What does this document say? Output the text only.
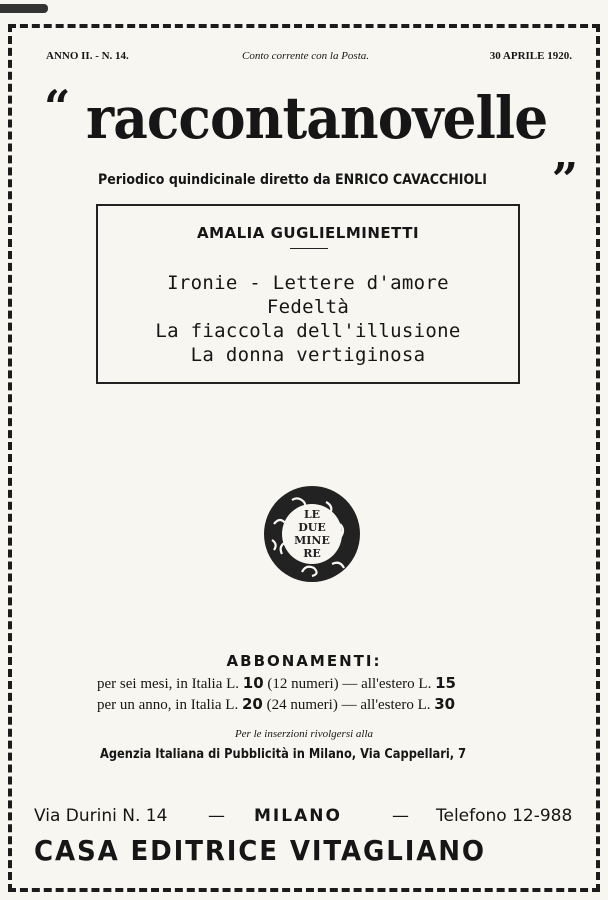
ANNO II. - N. 14.	Conto corrente con la Posta.	30 APRILE 1920.
“ raccontanovelle
„
Periodico quindicinale diretto da ENRICO CAVACCHIOLI
AMALIA GUGLIELMINETTI
Ironie - Lettere d'amore
Fedeltà
La fiaccola dell'illusione
La donna vertiginosa
LE
DUE
MINE
RE
ABBONAMENTI:
per sei mesi, in Italia L. 10 (12 numeri) — all'estero L. 15
per un anno, in Italia L. 20 (24 numeri) — all'estero L. 30
Per le inserzioni rivolgersi alla
Agenzia Italiana di Pubblicità in Milano, Via Cappellari, 7
Via Durini N. 14 — MILANO	— Telefono 12-988
CASA EDITRICE VITAGLIANO
